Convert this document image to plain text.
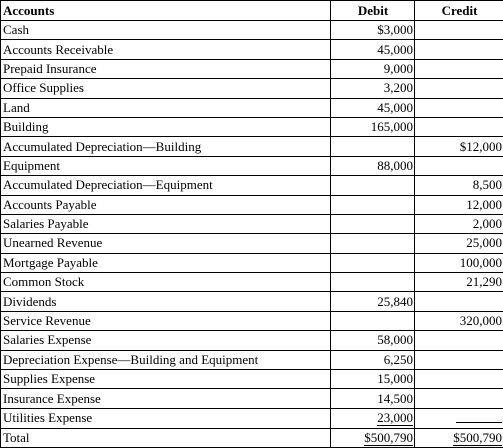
Accounts	Debit	Credit
Cash	$3,000	
Accounts Receivable	45,000	
Prepaid Insurance	9,000	
Office Supplies	3,200	
Land	45,000	
Building	165,000	
Accumulated Depreciation—Building		$12,000
Equipment	88,000	
Accumulated Depreciation—Equipment		8,500
Accounts Payable		12,000
Salaries Payable		2,000
Unearned Revenue		25,000
Mortgage Payable		100,000
Common Stock		21,290
Dividends	25,840	
Service Revenue		320,000
Salaries Expense	58,000	
Depreciation Expense—Building and Equipment	6,250	
Supplies Expense	15,000	
Insurance Expense	14,500	
Utilities Expense	23,000	
Total	$500,790	$500,790
